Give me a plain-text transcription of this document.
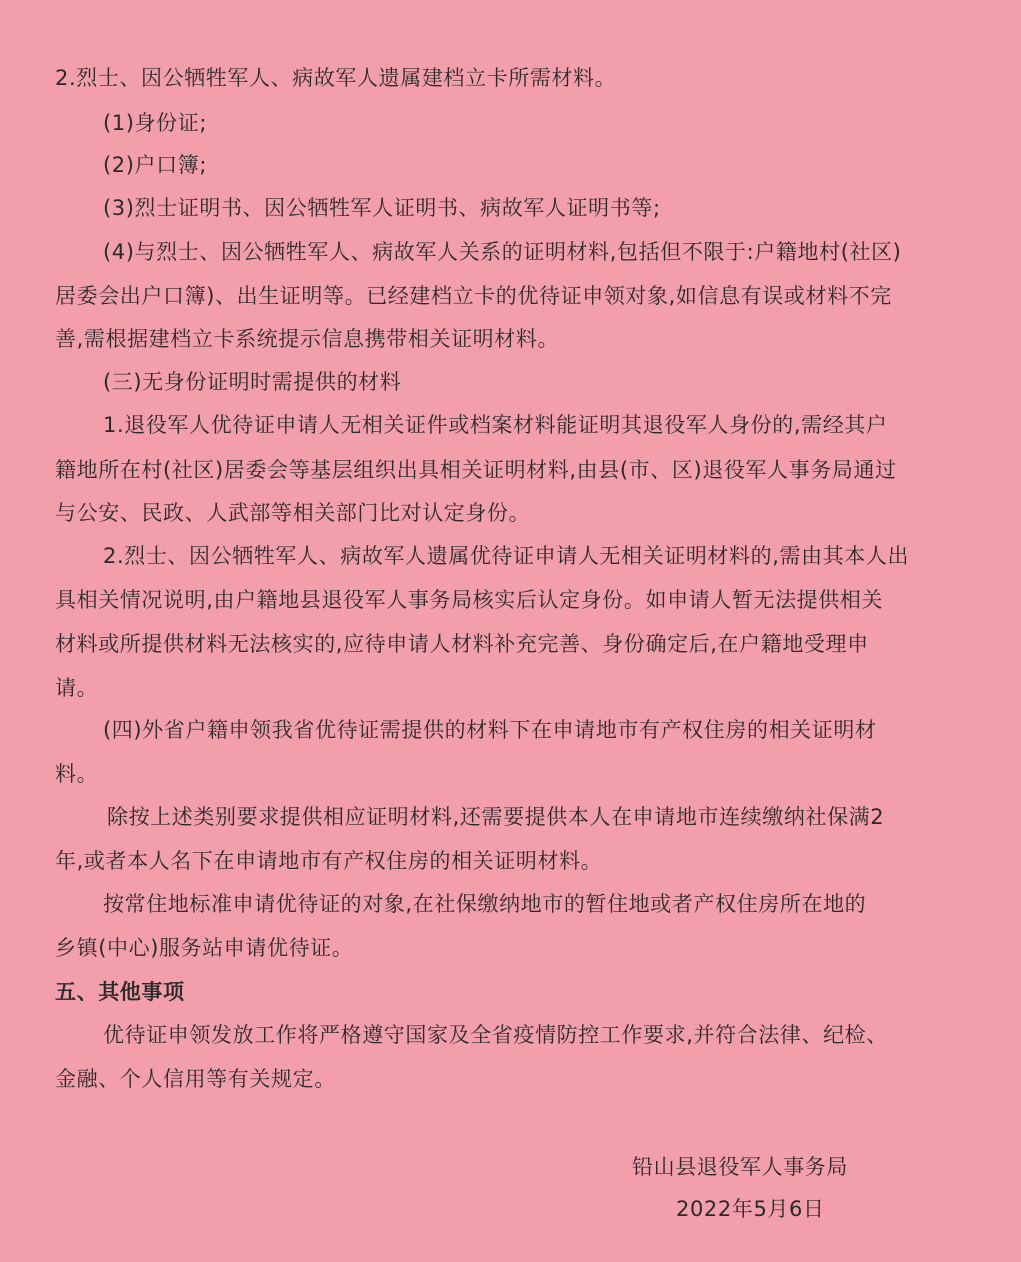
2.烈士、因公牺牲军人、病故军人遗属建档立卡所需材料。
(1)身份证;
(2)户口簿;
(3)烈士证明书、因公牺牲军人证明书、病故军人证明书等;
(4)与烈士、因公牺牲军人、病故军人关系的证明材料,包括但不限于:户籍地村(社区)
居委会出户口簿)、出生证明等。已经建档立卡的优待证申领对象,如信息有误或材料不完
善,需根据建档立卡系统提示信息携带相关证明材料。
(三)无身份证明时需提供的材料
1.退役军人优待证申请人无相关证件或档案材料能证明其退役军人身份的,需经其户
籍地所在村(社区)居委会等基层组织出具相关证明材料,由县(市、区)退役军人事务局通过
与公安、民政、人武部等相关部门比对认定身份。
2.烈士、因公牺牲军人、病故军人遗属优待证申请人无相关证明材料的,需由其本人出
具相关情况说明,由户籍地县退役军人事务局核实后认定身份。如申请人暂无法提供相关
材料或所提供材料无法核实的,应待申请人材料补充完善、身份确定后,在户籍地受理申
请。
(四)外省户籍申领我省优待证需提供的材料下在申请地市有产权住房的相关证明材
料。
除按上述类别要求提供相应证明材料,还需要提供本人在申请地市连续缴纳社保满2
年,或者本人名下在申请地市有产权住房的相关证明材料。
按常住地标准申请优待证的对象,在社保缴纳地市的暂住地或者产权住房所在地的
乡镇(中心)服务站申请优待证。
五、其他事项
优待证申领发放工作将严格遵守国家及全省疫情防控工作要求,并符合法律、纪检、
金融、个人信用等有关规定。
铅山县退役军人事务局
2022年5月6日
